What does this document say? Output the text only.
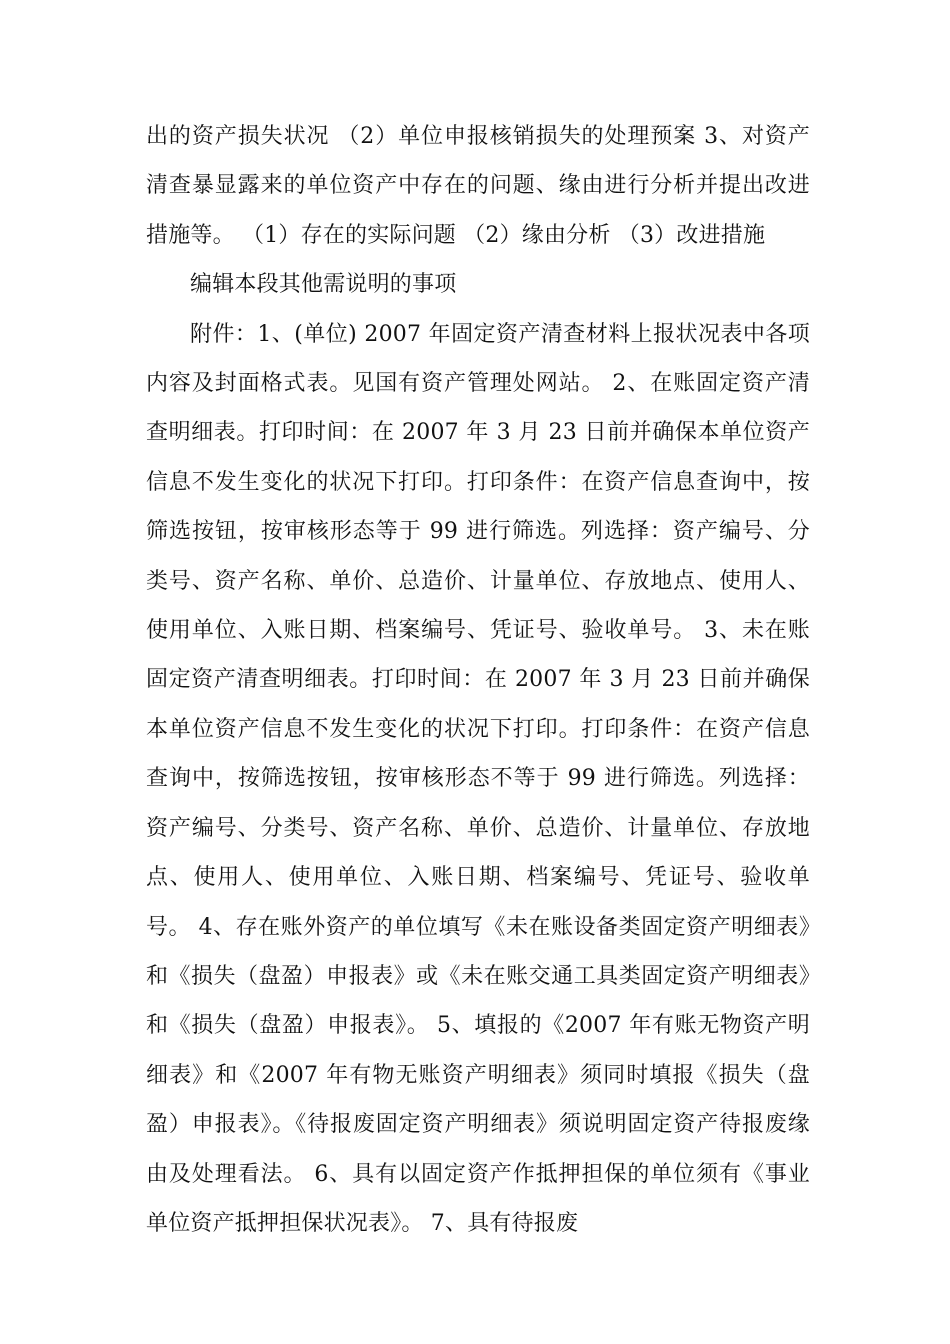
出的资产损失状况 （2）单位申报核销损失的处理预案 3、对资产清查暴显露来的单位资产中存在的问题、缘由进行分析并提出改进措施等。 （1）存在的实际问题 （2）缘由分析 （3）改进措施

编辑本段其他需说明的事项

附件：1、(单位) 2007 年固定资产清查材料上报状况表中各项内容及封面格式表。见国有资产管理处网站。 2、在账固定资产清查明细表。打印时间：在 2007 年 3 月 23 日前并确保本单位资产信息不发生变化的状况下打印。打印条件：在资产信息查询中，按筛选按钮，按审核形态等于 99 进行筛选。列选择：资产编号、分类号、资产名称、单价、总造价、计量单位、存放地点、使用人、使用单位、入账日期、档案编号、凭证号、验收单号。 3、未在账固定资产清查明细表。打印时间：在 2007 年 3 月 23 日前并确保本单位资产信息不发生变化的状况下打印。打印条件：在资产信息查询中，按筛选按钮，按审核形态不等于 99 进行筛选。列选择：资产编号、分类号、资产名称、单价、总造价、计量单位、存放地点、使用人、使用单位、入账日期、档案编号、凭证号、验收单号。 4、存在账外资产的单位填写《未在账设备类固定资产明细表》和《损失（盘盈）申报表》或《未在账交通工具类固定资产明细表》和《损失（盘盈）申报表》。 5、填报的《2007 年有账无物资产明细表》和《2007 年有物无账资产明细表》须同时填报《损失（盘盈）申报表》。《待报废固定资产明细表》须说明固定资产待报废缘由及处理看法。 6、具有以固定资产作抵押担保的单位须有《事业单位资产抵押担保状况表》。 7、具有待报废
